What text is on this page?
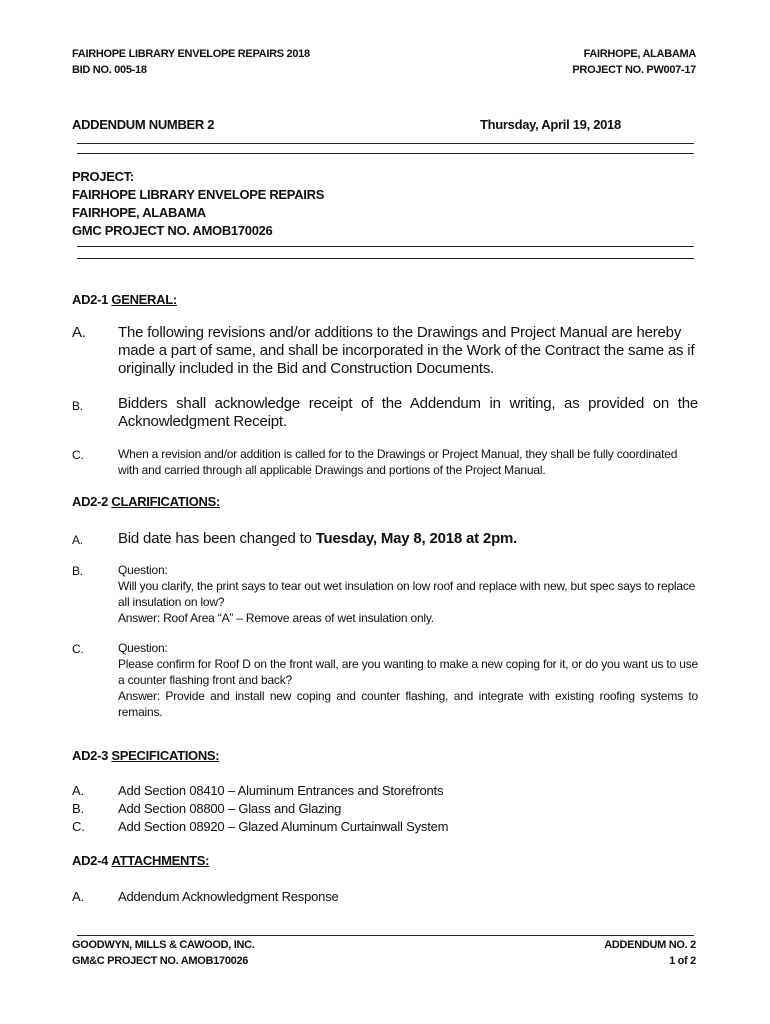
FAIRHOPE LIBRARY ENVELOPE REPAIRS 2018
BID NO. 005-18
FAIRHOPE, ALABAMA
PROJECT NO. PW007-17
ADDENDUM NUMBER 2	Thursday, April 19, 2018
PROJECT:
FAIRHOPE LIBRARY ENVELOPE REPAIRS
FAIRHOPE, ALABAMA
GMC PROJECT NO. AMOB170026
AD2-1 GENERAL:
A. The following revisions and/or additions to the Drawings and Project Manual are hereby made a part of same, and shall be incorporated in the Work of the Contract the same as if originally included in the Bid and Construction Documents.
B. Bidders shall acknowledge receipt of the Addendum in writing, as provided on the Acknowledgment Receipt.
C.	When a revision and/or addition is called for to the Drawings or Project Manual, they shall be fully coordinated with and carried through all applicable Drawings and portions of the Project Manual.
AD2-2 CLARIFICATIONS:
A. Bid date has been changed to Tuesday, May 8, 2018 at 2pm.
B.	Question:
Will you clarify, the print says to tear out wet insulation on low roof and replace with new, but spec says to replace all insulation on low?
Answer: Roof Area “A” – Remove areas of wet insulation only.
C.	Question:
Please confirm for Roof D on the front wall, are you wanting to make a new coping for it, or do you want us to use a counter flashing front and back?
Answer: Provide and install new coping and counter flashing, and integrate with existing roofing systems to remains.
AD2-3 SPECIFICATIONS:
A.	Add Section 08410 – Aluminum Entrances and Storefronts
B.	Add Section 08800 – Glass and Glazing
C.	Add Section 08920 – Glazed Aluminum Curtainwall System
AD2-4 ATTACHMENTS:
A.	Addendum Acknowledgment Response
GOODWYN, MILLS & CAWOOD, INC.
GM&C PROJECT NO. AMOB170026
ADDENDUM NO. 2
1 of 2
